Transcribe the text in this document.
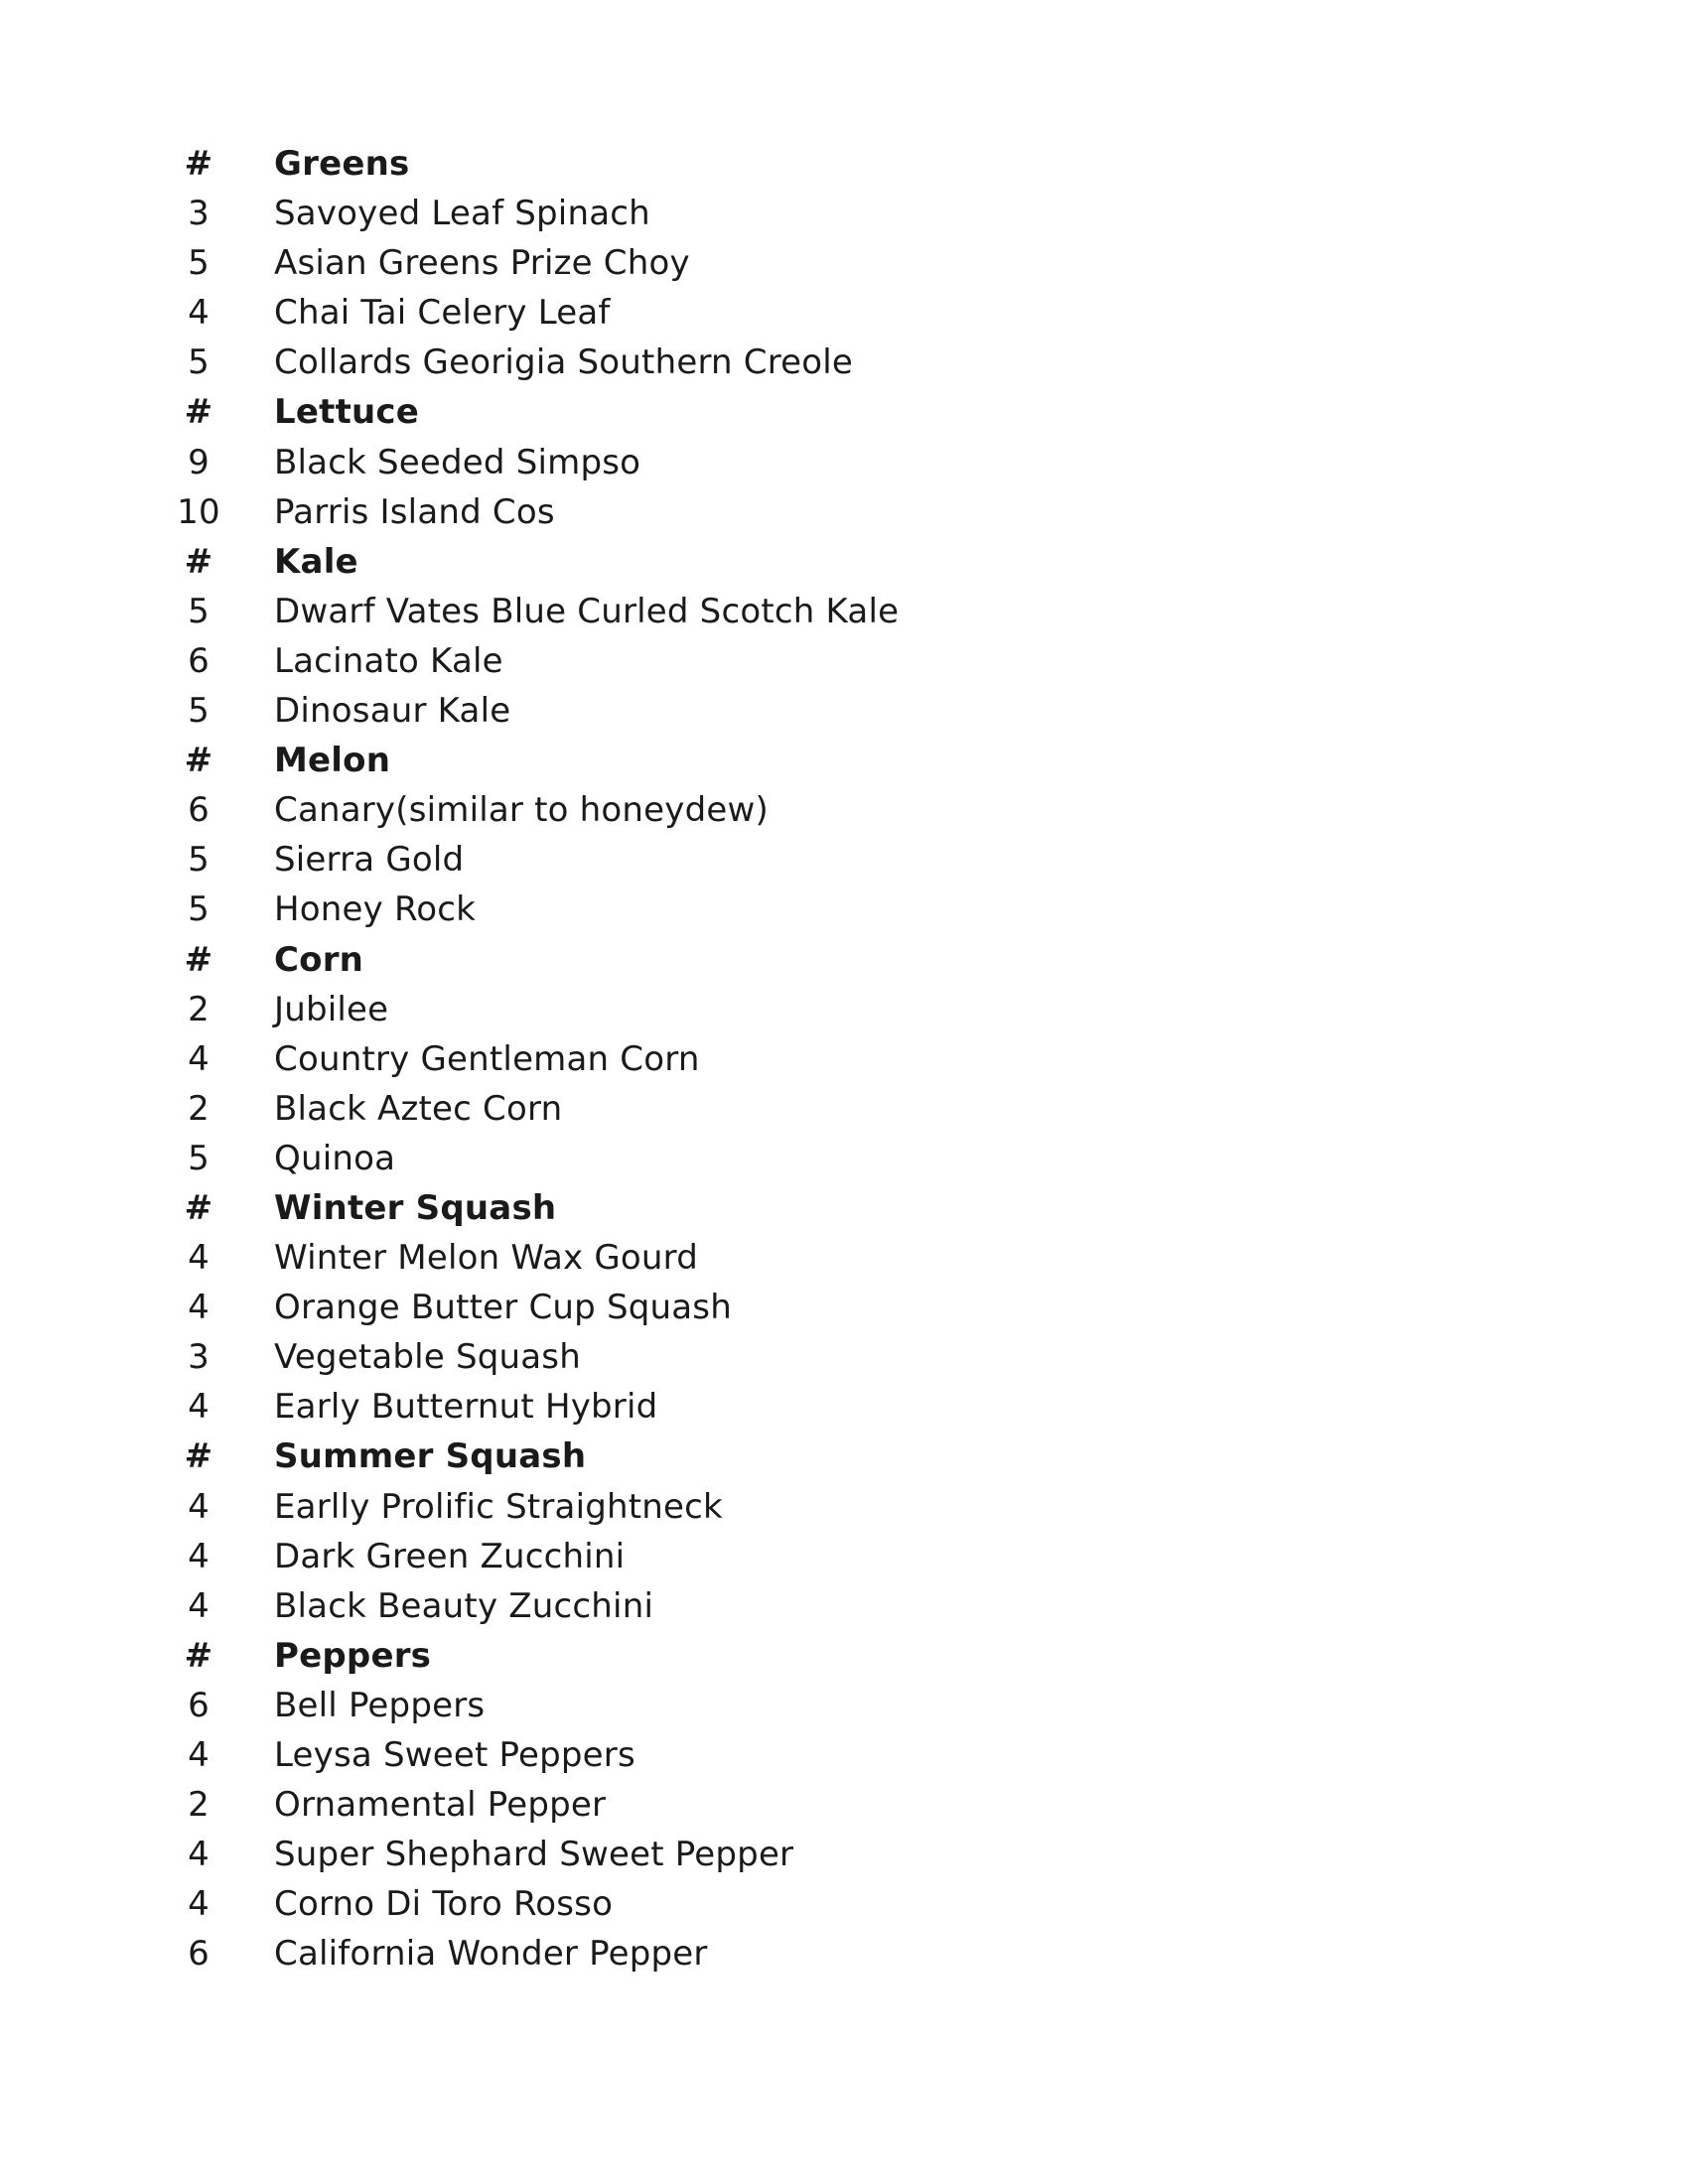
#	Greens
3	Savoyed Leaf Spinach
5	Asian Greens Prize Choy
4	Chai Tai Celery Leaf
5	Collards Georigia Southern Creole
#	Lettuce
9	Black Seeded Simpso
10	Parris Island Cos
#	Kale
5	Dwarf Vates Blue Curled Scotch Kale
6	Lacinato Kale
5	Dinosaur Kale
#	Melon
6	Canary(similar to honeydew)
5	Sierra Gold
5	Honey Rock
#	Corn
2	Jubilee
4	Country Gentleman Corn
2	Black Aztec Corn
5	Quinoa
#	Winter Squash
4	Winter Melon Wax Gourd
4	Orange Butter Cup Squash
3	Vegetable Squash
4	Early Butternut Hybrid
#	Summer Squash
4	Earlly Prolific Straightneck
4	Dark Green Zucchini
4	Black Beauty Zucchini
#	Peppers
6	Bell Peppers
4	Leysa Sweet Peppers
2	Ornamental Pepper
4	Super Shephard Sweet Pepper
4	Corno Di Toro Rosso
6	California Wonder Pepper
